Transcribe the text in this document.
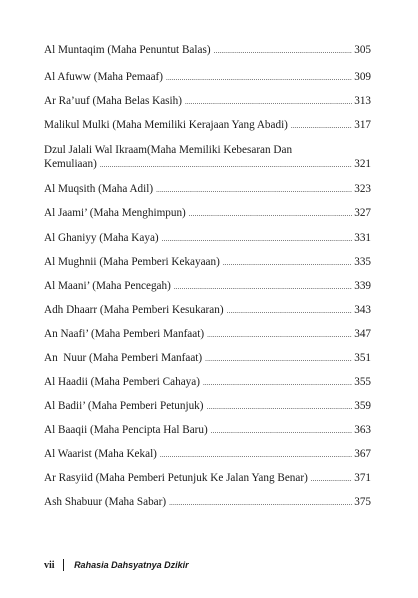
Al Muntaqim (Maha Penuntut Balas) .....	305
Al Afuww (Maha Pemaaf) .....	309
Ar Ra’uuf (Maha Belas Kasih) .....	313
Malikul Mulki (Maha Memiliki Kerajaan Yang Abadi) .....	317
Dzul Jalali Wal Ikraam(Maha Memiliki Kebesaran Dan
Kemuliaan) .....	321
Al Muqsith (Maha Adil) .....	323
Al Jaami’ (Maha Menghimpun) .....	327
Al Ghaniyy (Maha Kaya) .....	331
Al Mughnii (Maha Pemberi Kekayaan) .....	335
Al Maani’ (Maha Pencegah) .....	339
Adh Dhaarr (Maha Pemberi Kesukaran) .....	343
An Naafi’ (Maha Pemberi Manfaat) .....	347
An  Nuur (Maha Pemberi Manfaat) .....	351
Al Haadii (Maha Pemberi Cahaya) .....	355
Al Badii’ (Maha Pemberi Petunjuk) .....	359
Al Baaqii (Maha Pencipta Hal Baru) .....	363
Al Waarist (Maha Kekal) .....	367
Ar Rasyiid (Maha Pemberi Petunjuk Ke Jalan Yang Benar) .....	371
Ash Shabuur (Maha Sabar) .....	375
vii Rahasia Dahsyatnya Dzikir
